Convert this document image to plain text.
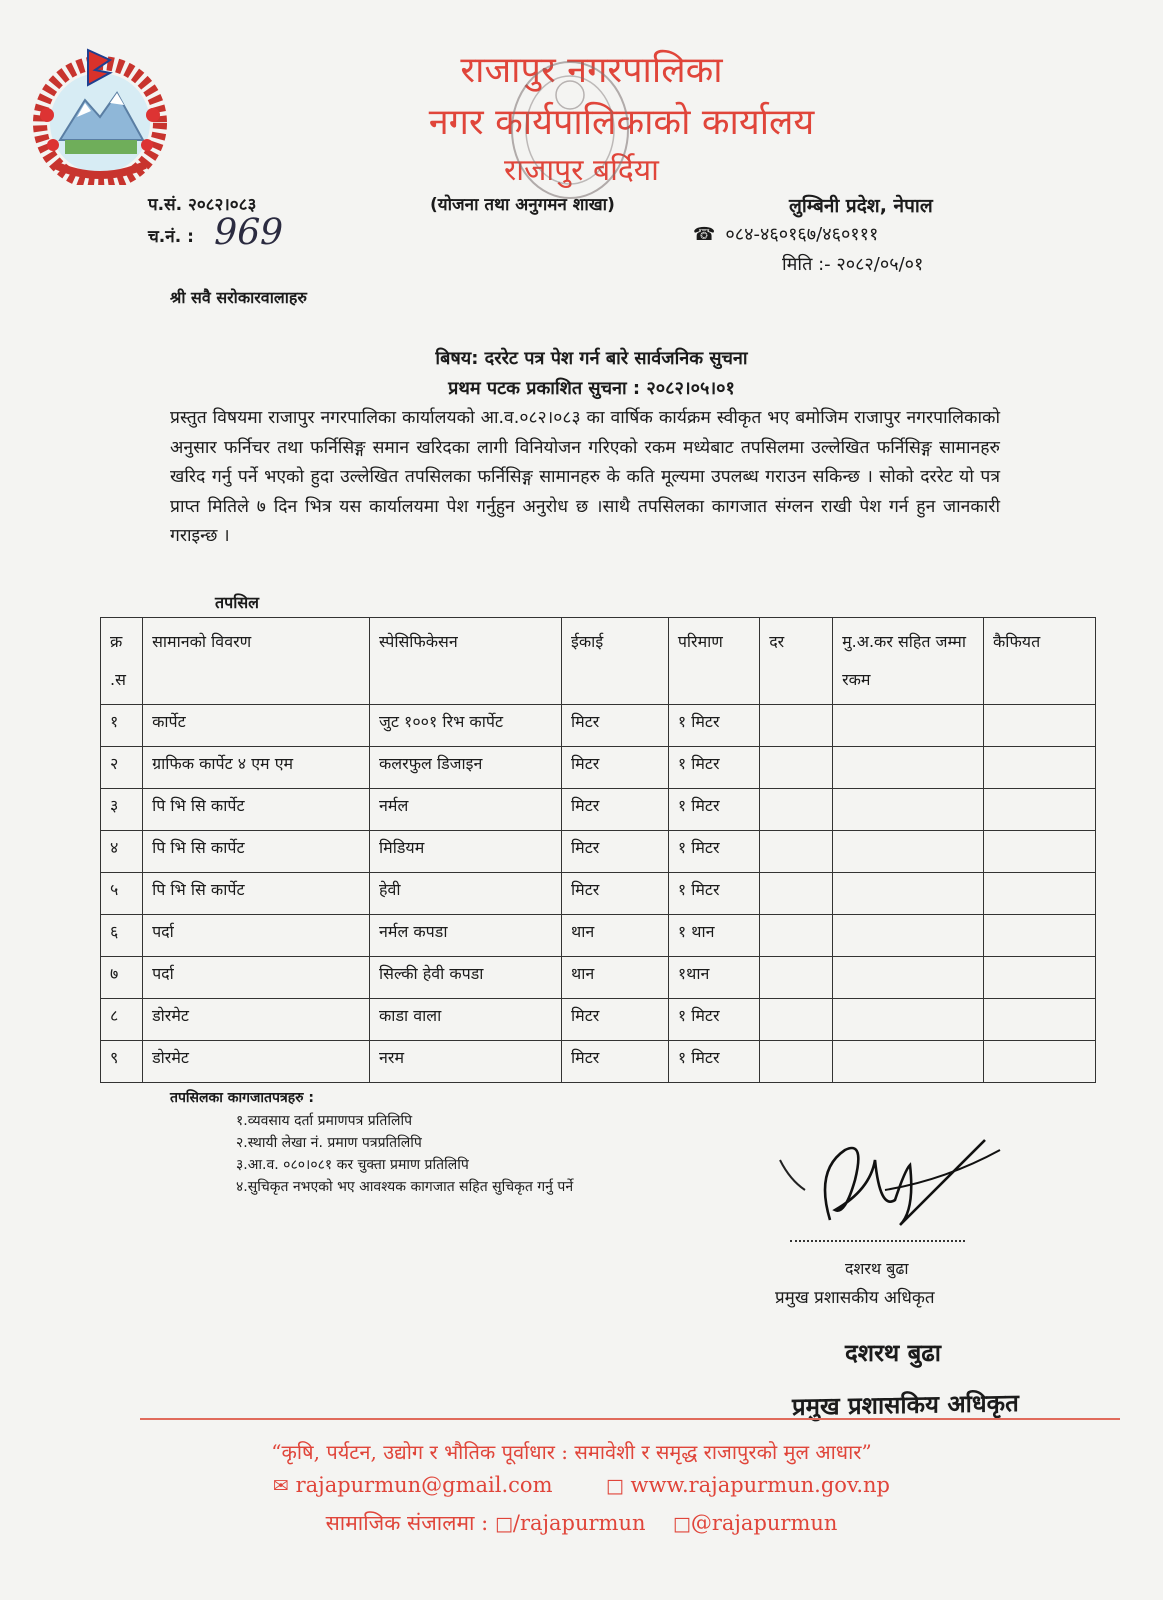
राजापुर नगरपालिका
नगर कार्यपालिकाको कार्यालय
राजापुर बर्दिया
प.सं. २०८२।०८३
च.नं. : 969
(योजना तथा अनुगमन शाखा)	लुम्बिनी प्रदेश, नेपाल
☎ ०८४-४६०१६७/४६०१११
मिति :- २०८२/०५/०१
श्री सवै सरोकारवालाहरु
बिषय: दररेट पत्र पेश गर्न बारे सार्वजनिक सुचना
प्रथम पटक प्रकाशित सुचना : २०८२।०५।०१
प्रस्तुत विषयमा राजापुर नगरपालिका कार्यालयको आ.व.०८२।०८३ का वार्षिक कार्यक्रम स्वीकृत भए बमोजिम राजापुर नगरपालिकाको अनुसार फर्निचर तथा फर्निसिङ्ग समान खरिदका लागी विनियोजन गरिएको रकम मध्येबाट तपसिलमा उल्लेखित फर्निसिङ्ग सामानहरु खरिद गर्नु पर्ने भएको हुदा उल्लेखित तपसिलका फर्निसिङ्ग सामानहरु के कति मूल्यमा उपलब्ध गराउन सकिन्छ । सोको दररेट यो पत्र प्राप्त मितिले ७ दिन भित्र यस कार्यालयमा पेश गर्नुहुन अनुरोध छ ।साथै तपसिलका कागजात संग्लन राखी पेश गर्न हुन जानकारी गराइन्छ ।
तपसिल
क्र .स	सामानको विवरण	स्पेसिफिकेसन	ईकाई	परिमाण	दर	मु.अ.कर सहित जम्मा रकम	कैफियत
१	कार्पेट	जुट १००१ रिभ कार्पेट	मिटर	१ मिटर			
२	ग्राफिक कार्पेट ४ एम एम	कलरफुल डिजाइन	मिटर	१ मिटर			
३	पि भि सि कार्पेट	नर्मल	मिटर	१ मिटर			
४	पि भि सि कार्पेट	मिडियम	मिटर	१ मिटर			
५	पि भि सि कार्पेट	हेवी	मिटर	१ मिटर			
६	पर्दा	नर्मल कपडा	थान	१ थान			
७	पर्दा	सिल्की हेवी कपडा	थान	१थान			
८	डोरमेट	काडा वाला	मिटर	१ मिटर			
९	डोरमेट	नरम	मिटर	१ मिटर			
तपसिलका कागजातपत्रहरु :
१.व्यवसाय दर्ता प्रमाणपत्र प्रतिलिपि
२.स्थायी लेखा नं. प्रमाण पत्रप्रतिलिपि
३.आ.व. ०८०।०८१ कर चुक्ता प्रमाण प्रतिलिपि
४.सुचिकृत नभएको भए आवश्यक कागजात सहित सुचिकृत गर्नु पर्ने
दशरथ बुढा
प्रमुख प्रशासकीय अधिकृत
दशरथ बुढा
प्रमुख प्रशासकिय अधिकृत
“कृषि, पर्यटन, उद्योग र भौतिक पूर्वाधार : समावेशी र समृद्ध राजापुरको मुल आधार”
✉ rajapurmun@gmail.com	□ www.rajapurmun.gov.np
सामाजिक संजालमा : □/rajapurmun □@rajapurmun
